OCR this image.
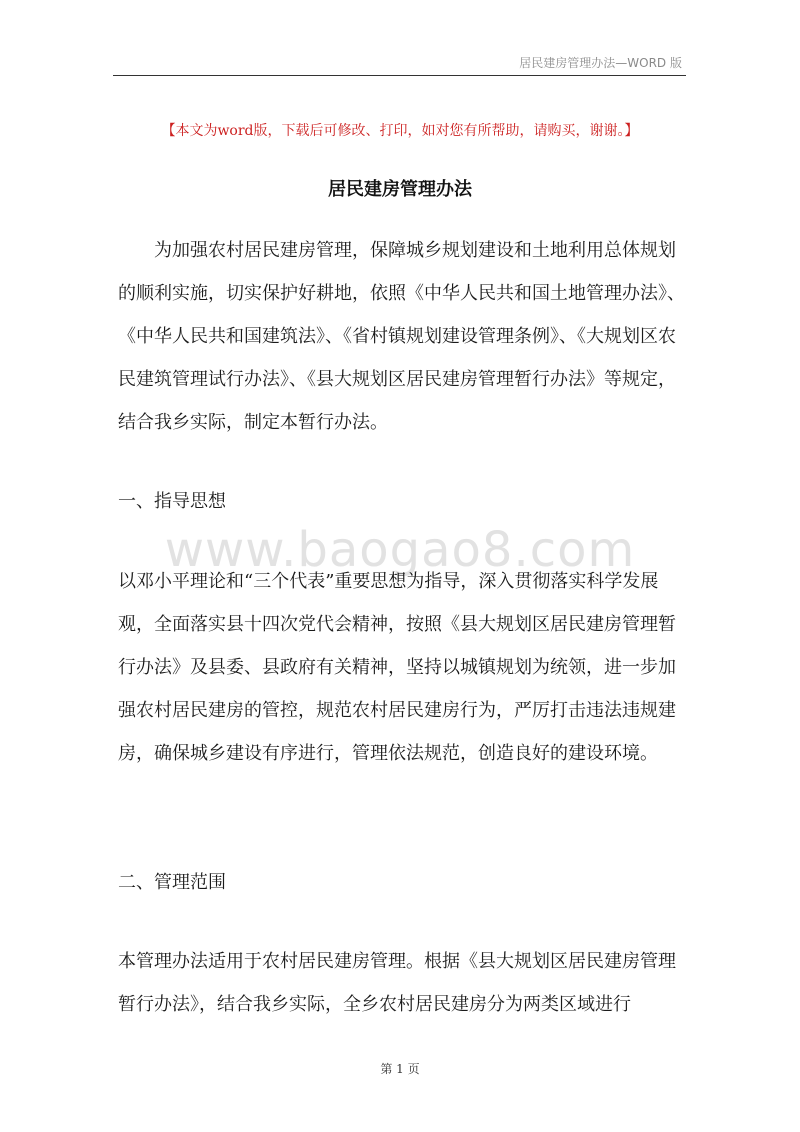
居民建房管理办法—WORD 版
【本文为word版，下载后可修改、打印，如对您有所帮助，请购买，谢谢。】
居民建房管理办法

为加强农村居民建房管理，保障城乡规划建设和土地利用总体规划的顺利实施，切实保护好耕地，依照《中华人民共和国土地管理办法》、《中华人民共和国建筑法》、《省村镇规划建设管理条例》、《大规划区农民建筑管理试行办法》、《县大规划区居民建房管理暂行办法》等规定，结合我乡实际，制定本暂行办法。

一、指导思想
www.baogao8.com

以邓小平理论和“三个代表”重要思想为指导，深入贯彻落实科学发展观，全面落实县十四次党代会精神，按照《县大规划区居民建房管理暂行办法》及县委、县政府有关精神，坚持以城镇规划为统领，进一步加强农村居民建房的管控，规范农村居民建房行为，严厉打击违法违规建房，确保城乡建设有序进行，管理依法规范，创造良好的建设环境。

二、管理范围

本管理办法适用于农村居民建房管理。根据《县大规划区居民建房管理暂行办法》，结合我乡实际，全乡农村居民建房分为两类区域进行

第 1 页
